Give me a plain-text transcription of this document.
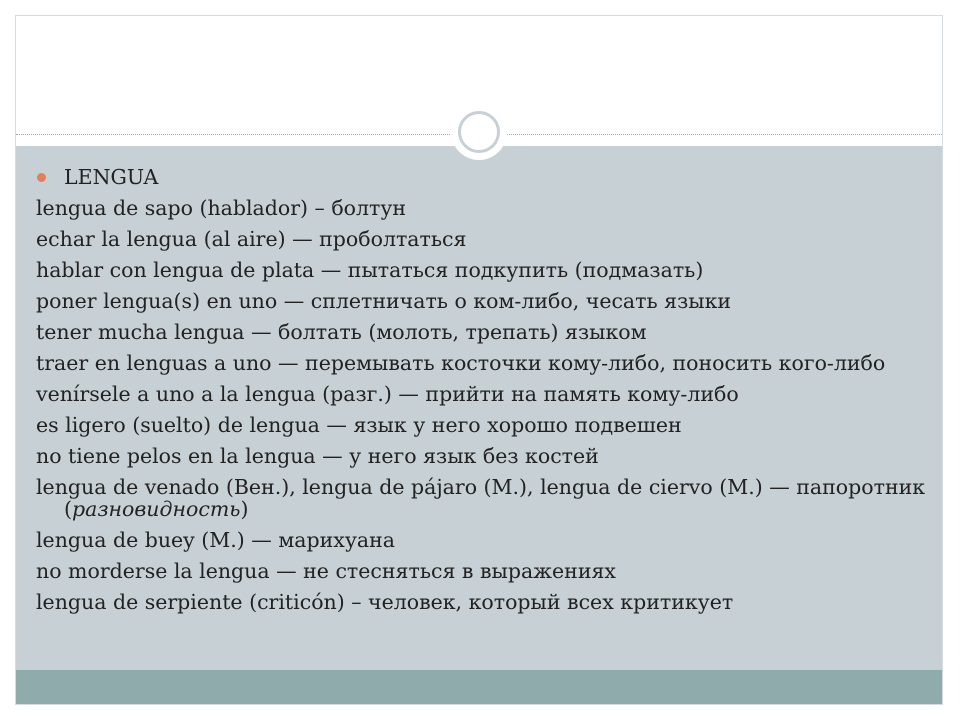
LENGUA
lengua de sapo (hablador) – болтун
echar la lengua (al aire) — проболтаться
hablar con lengua de plata — пытаться подкупить (подмазать)
poner lengua(s) en uno — сплетничать о ком-либо, чесать языки
tener mucha lengua — болтать (молоть, трепать) языком
traer en lenguas a uno — перемывать косточки кому-либо, поносить кого-либо
venírsele a uno a la lengua (разг.) — прийти на память кому-либо
es ligero (suelto) de lengua — язык у него хорошо подвешен
no tiene pelos en la lengua — у него язык без костей
lengua de venado (Вен.), lengua de pájaro (М.), lengua de ciervo (М.) — папоротник (разновидность)
lengua de buey (М.) — марихуана
no morderse la lengua — не стесняться в выражениях
lengua de serpiente (criticón) – человек, который всех критикует
